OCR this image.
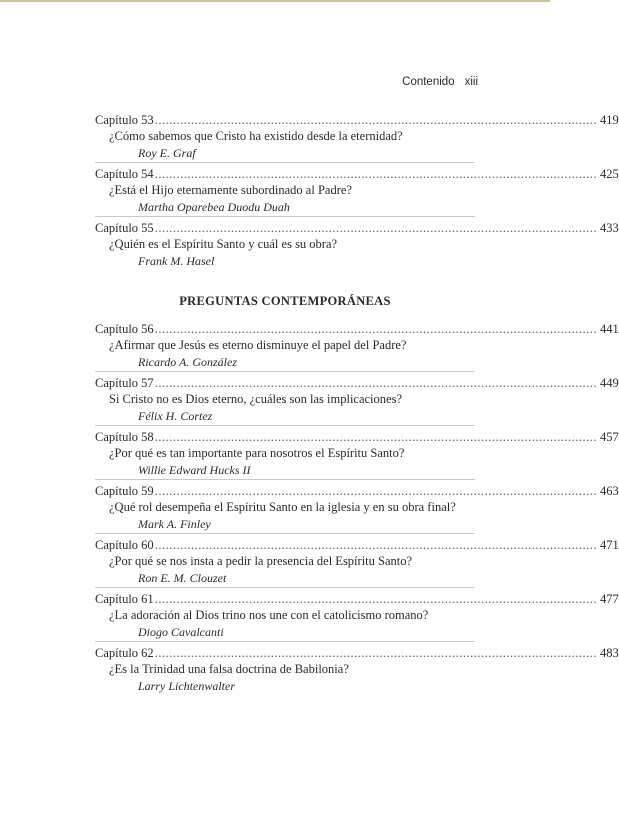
Contenido xiii
Capítulo 53 .......................................................................................................................... 419
¿Cómo sabemos que Cristo ha existido desde la eternidad?
Roy E. Graf
Capítulo 54 .......................................................................................................................... 425
¿Está el Hijo eternamente subordinado al Padre?
Martha Oparebea Duodu Duah
Capítulo 55 .......................................................................................................................... 433
¿Quién es el Espíritu Santo y cuál es su obra?
Frank M. Hasel
PREGUNTAS CONTEMPORÁNEAS
Capítulo 56 .......................................................................................................................... 441
¿Afirmar que Jesús es eterno disminuye el papel del Padre?
Ricardo A. González
Capítulo 57 .......................................................................................................................... 449
Si Cristo no es Dios eterno, ¿cuáles son las implicaciones?
Félix H. Cortez
Capítulo 58 .......................................................................................................................... 457
¿Por qué es tan importante para nosotros el Espíritu Santo?
Willie Edward Hucks II
Capítulo 59 .......................................................................................................................... 463
¿Qué rol desempeña el Espíritu Santo en la iglesia y en su obra final?
Mark A. Finley
Capítulo 60 .......................................................................................................................... 471
¿Por qué se nos insta a pedir la presencia del Espíritu Santo?
Ron E. M. Clouzet
Capítulo 61 .......................................................................................................................... 477
¿La adoración al Dios trino nos une con el catolicismo romano?
Diogo Cavalcanti
Capítulo 62 .......................................................................................................................... 483
¿Es la Trinidad una falsa doctrina de Babilonia?
Larry Lichtenwalter
